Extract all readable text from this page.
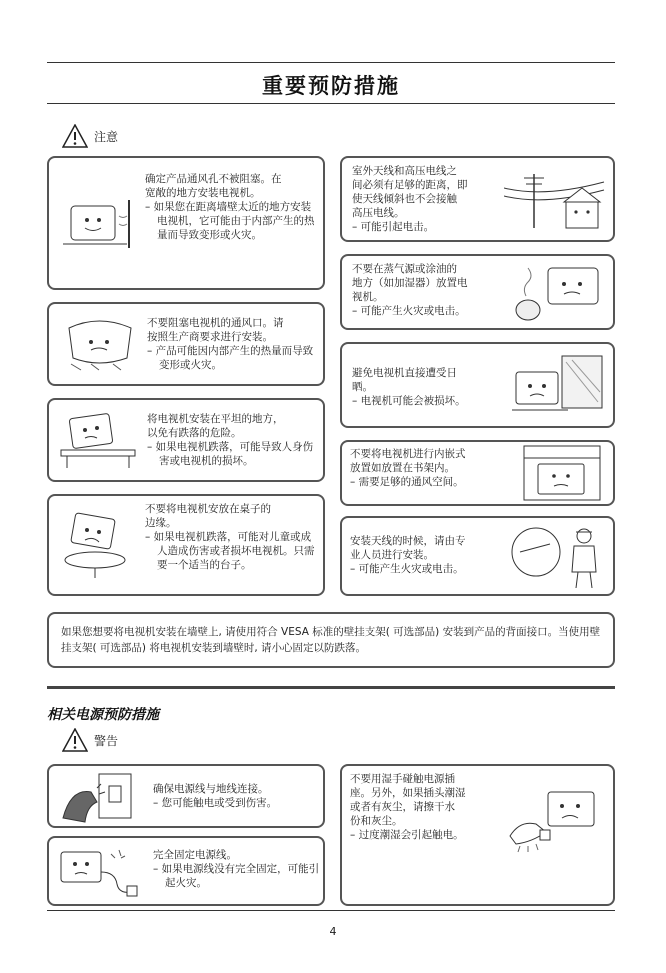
重要预防措施
注意
确定产品通风孔不被阻塞。在
宽敞的地方安装电视机。
– 如果您在距离墙壁太近的地方安装电视机，它可能由于内部产生的热量而导致变形或火灾。
不要阻塞电视机的通风口。请
按照生产商要求进行安装。
– 产品可能因内部产生的热量而导致变形或火灾。
将电视机安装在平坦的地方，
以免有跌落的危险。
– 如果电视机跌落，可能导致人身伤害或电视机的损坏。
不要将电视机安放在桌子的
边缘。
– 如果电视机跌落，可能对儿童或成人造成伤害或者损坏电视机。只需要一个适当的台子。
室外天线和高压电线之
间必须有足够的距离，即
使天线倾斜也不会接触
高压电线。
– 可能引起电击。
不要在蒸气源或涂油的
地方（如加湿器）放置电
视机。
– 可能产生火灾或电击。
避免电视机直接遭受日
晒。
– 电视机可能会被损坏。
不要将电视机进行内嵌式
放置如放置在书架内。
– 需要足够的通风空间。
安装天线的时候，请由专
业人员进行安装。
– 可能产生火灾或电击。
如果您想要将电视机安装在墙壁上, 请使用符合 VESA 标准的壁挂支架( 可选部品) 安装到产品的背面接口。当使用壁挂支架( 可选部品) 将电视机安装到墙壁时, 请小心固定以防跌落。
相关电源预防措施
警告
确保电源线与地线连接。
– 您可能触电或受到伤害。
完全固定电源线。
– 如果电源线没有完全固定，可能引起火灾。
不要用湿手碰触电源插
座。另外，如果插头潮湿
或者有灰尘，请擦干水
份和灰尘。
– 过度潮湿会引起触电。
4
